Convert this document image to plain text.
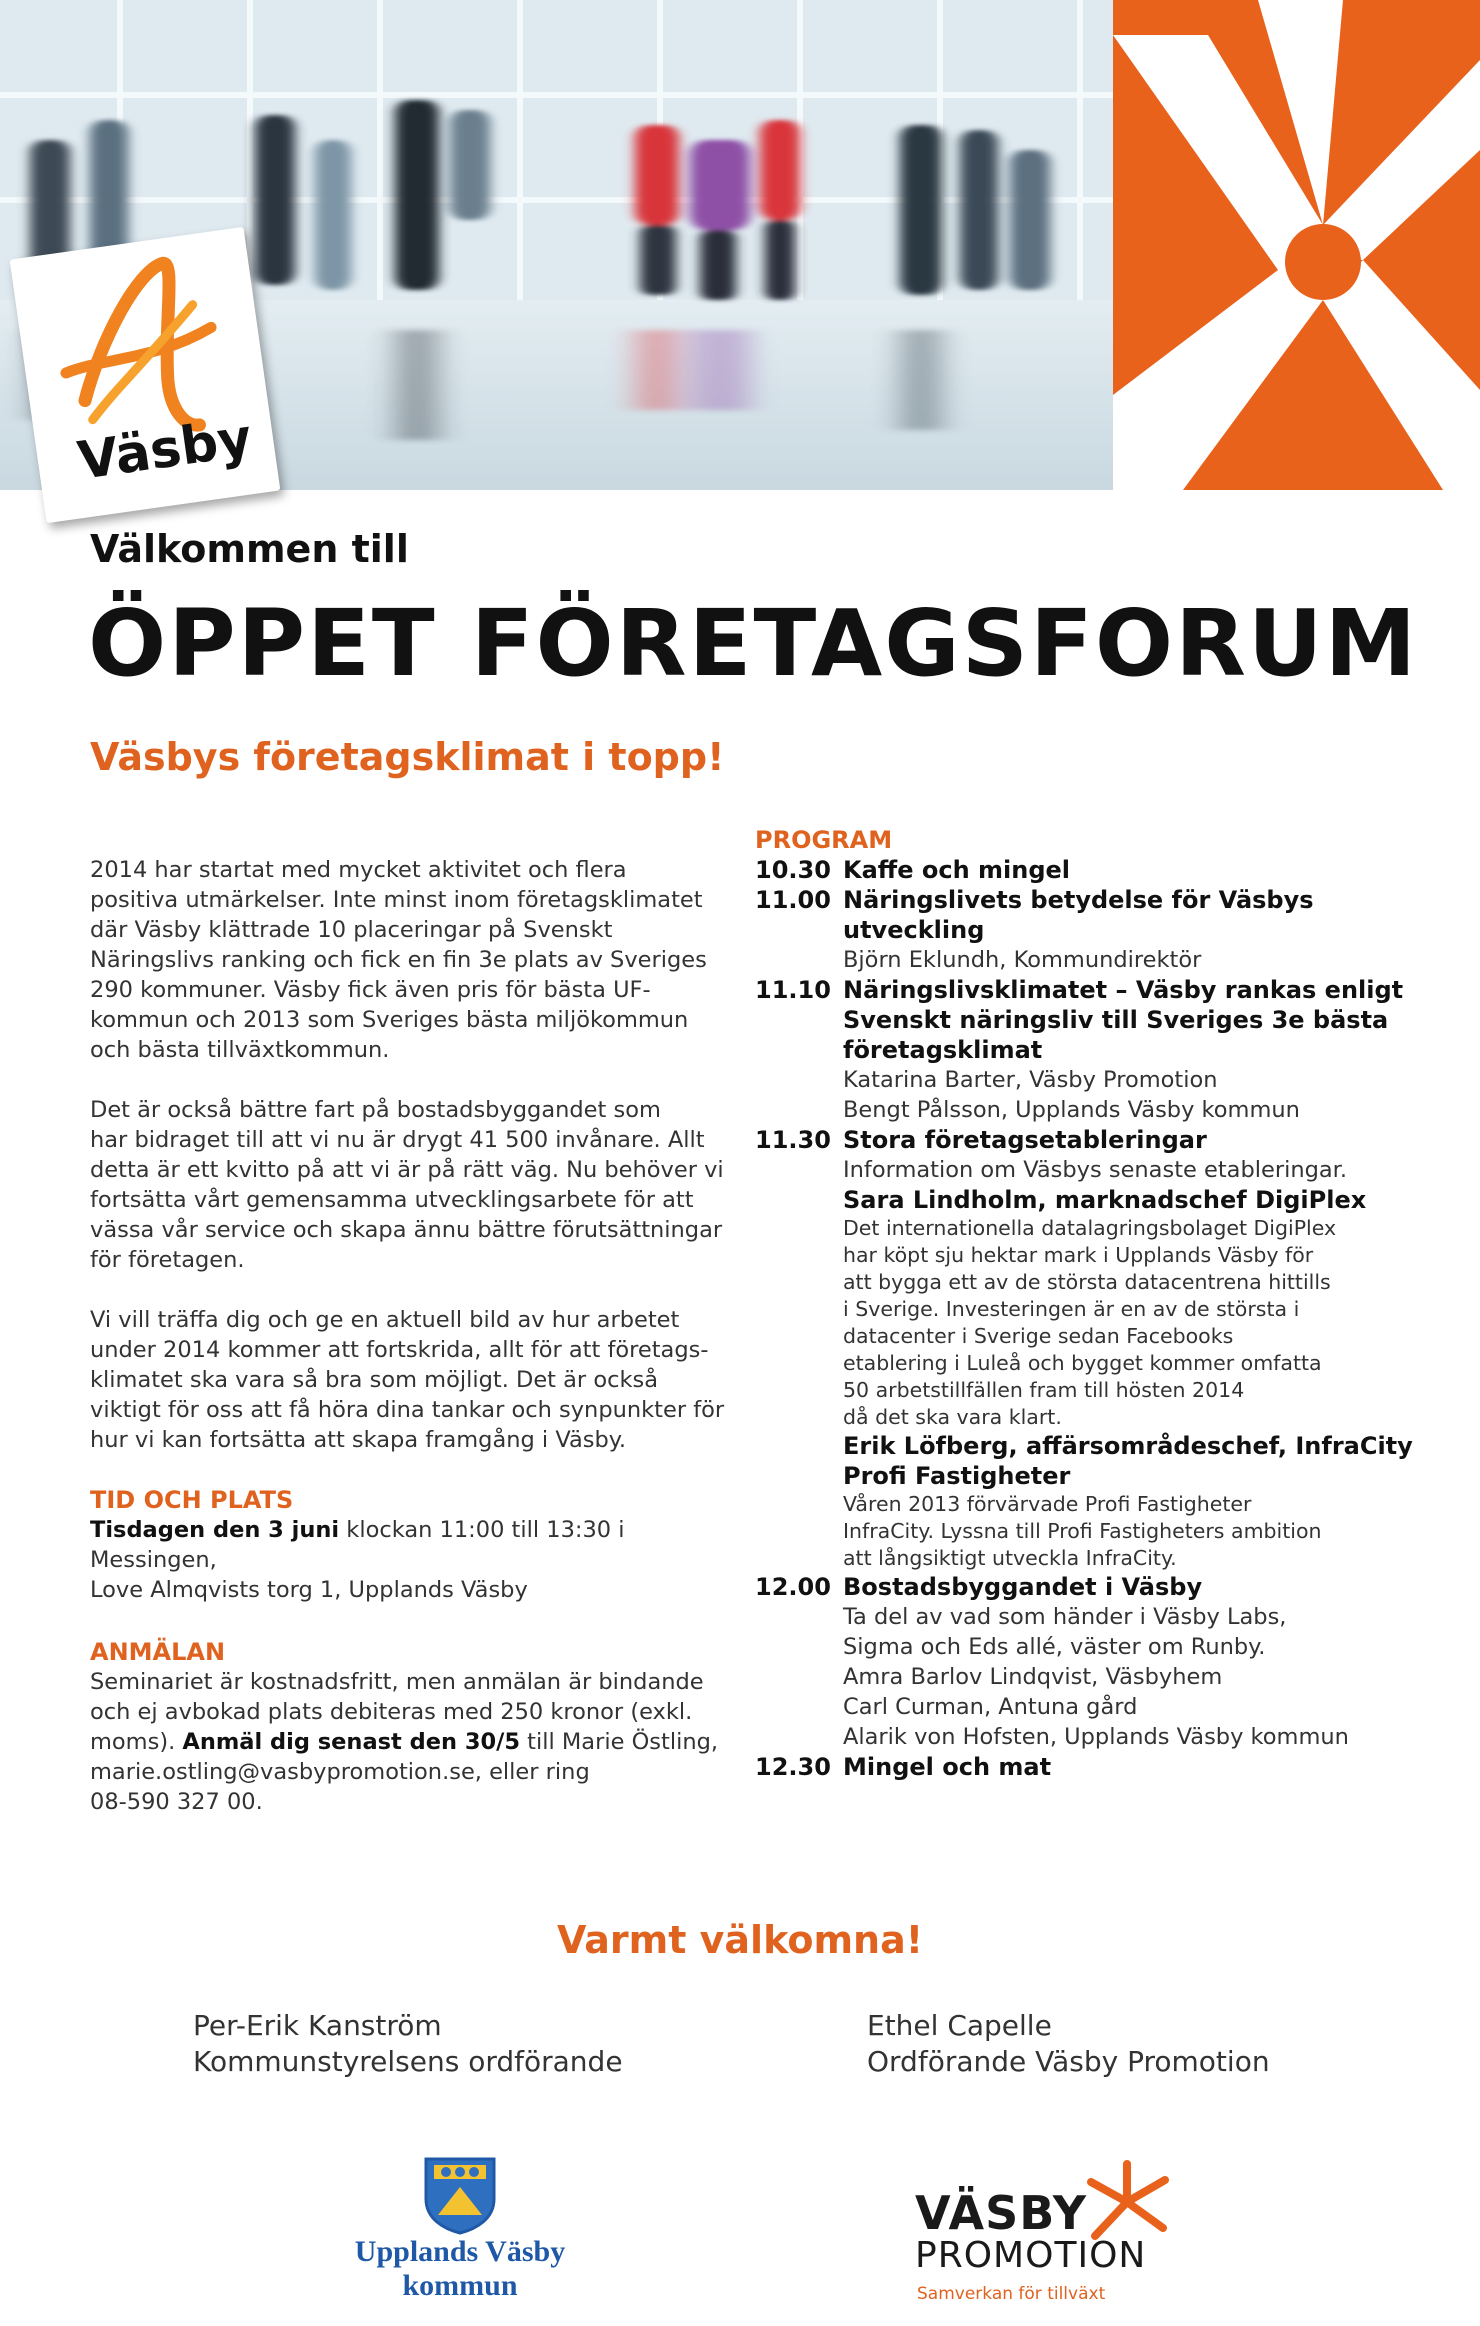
Väsby
Välkommen till
ÖPPET FÖRETAGSFORUM
Väsbys företagsklimat i topp!

2014 har startat med mycket aktivitet och flera
positiva utmärkelser. Inte minst inom företagsklimatet
där Väsby klättrade 10 placeringar på Svenskt
Näringslivs ranking och fick en fin 3e plats av Sveriges
290 kommuner. Väsby fick även pris för bästa UF-
kommun och 2013 som Sveriges bästa miljökommun
och bästa tillväxtkommun.

Det är också bättre fart på bostadsbyggandet som
har bidraget till att vi nu är drygt 41 500 invånare. Allt
detta är ett kvitto på att vi är på rätt väg. Nu behöver vi
fortsätta vårt gemensamma utvecklingsarbete för att
vässa vår service och skapa ännu bättre förutsättningar
för företagen.

Vi vill träffa dig och ge en aktuell bild av hur arbetet
under 2014 kommer att fortskrida, allt för att företags-
klimatet ska vara så bra som möjligt. Det är också
viktigt för oss att få höra dina tankar och synpunkter för
hur vi kan fortsätta att skapa framgång i Väsby.

TID OCH PLATS
Tisdagen den 3 juni klockan 11:00 till 13:30 i Messingen,
Love Almqvists torg 1, Upplands Väsby
ANMÄLAN
Seminariet är kostnadsfritt, men anmälan är bindande
och ej avbokad plats debiteras med 250 kronor (exkl.
moms). Anmäl dig senast den 30/5 till Marie Östling,
marie.ostling@vasbypromotion.se, eller ring
08-590 327 00.
PROGRAM
10.30 Kaffe och mingel
11.00 Näringslivets betydelse för Väsbys utveckling
Björn Eklundh, Kommundirektör
11.10 Näringslivsklimatet – Väsby rankas enligt
Svenskt näringsliv till Sveriges 3e bästa
företagsklimat
Katarina Barter, Väsby Promotion
Bengt Pålsson, Upplands Väsby kommun
11.30 Stora företagsetableringar
Information om Väsbys senaste etableringar.
Sara Lindholm, marknadschef DigiPlex
Det internationella datalagringsbolaget DigiPlex
har köpt sju hektar mark i Upplands Väsby för
att bygga ett av de största datacentrena hittills
i Sverige. Investeringen är en av de största i
datacenter i Sverige sedan Facebooks
etablering i Luleå och bygget kommer omfatta
50 arbetstillfällen fram till hösten 2014
då det ska vara klart.
Erik Löfberg, affärsområdeschef, InfraCity
Profi Fastigheter
Våren 2013 förvärvade Profi Fastigheter
InfraCity. Lyssna till Profi Fastigheters ambition
att långsiktigt utveckla InfraCity.
12.00 Bostadsbyggandet i Väsby
Ta del av vad som händer i Väsby Labs,
Sigma och Eds allé, väster om Runby.
Amra Barlov Lindqvist, Väsbyhem
Carl Curman, Antuna gård
Alarik von Hofsten, Upplands Väsby kommun
12.30 Mingel och mat
Varmt välkomna!
Per-Erik Kanström
Kommunstyrelsens ordförande
Ethel Capelle
Ordförande Väsby Promotion
Upplands Väsby
kommun
VÄSBY
PROMOTION
Samverkan för tillväxt
